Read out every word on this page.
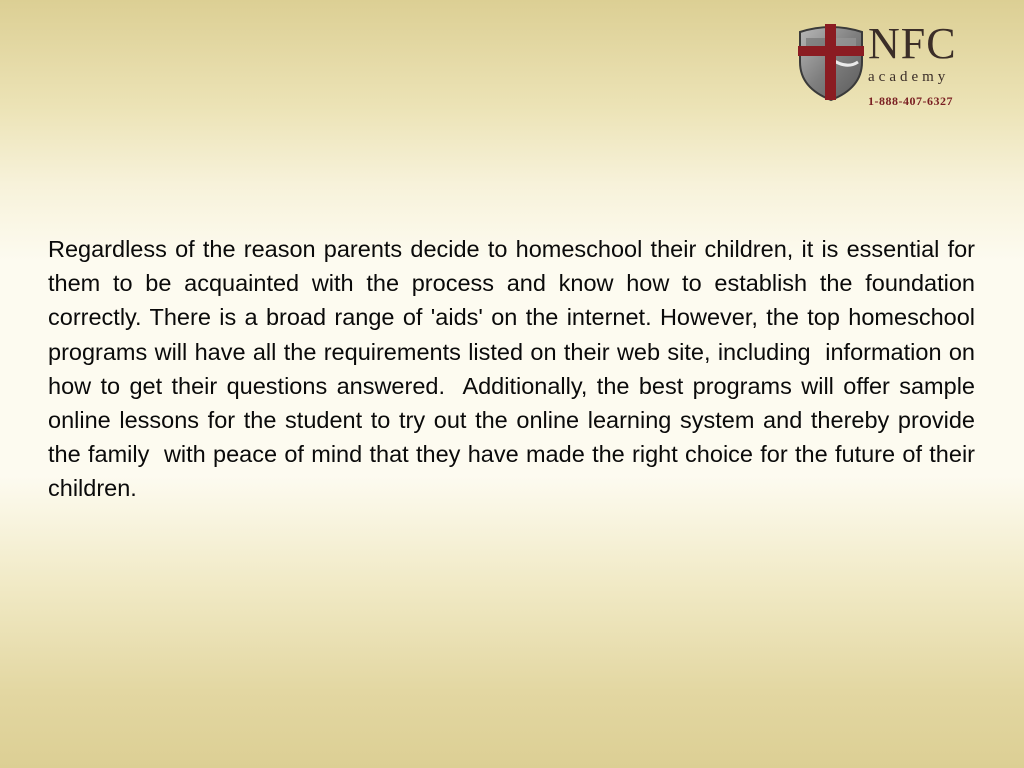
NFC
academy
1-888-407-6327

Regardless of the reason parents decide to homeschool their children, it is essential for them to be acquainted with the process and know how to establish the foundation correctly. There is a broad range of 'aids' on the internet. However, the top homeschool programs will have all the requirements listed on their web site, including  information on how to get their questions answered.  Additionally, the best programs will offer sample online lessons for the student to try out the online learning system and thereby provide the family  with peace of mind that they have made the right choice for the future of their children.
